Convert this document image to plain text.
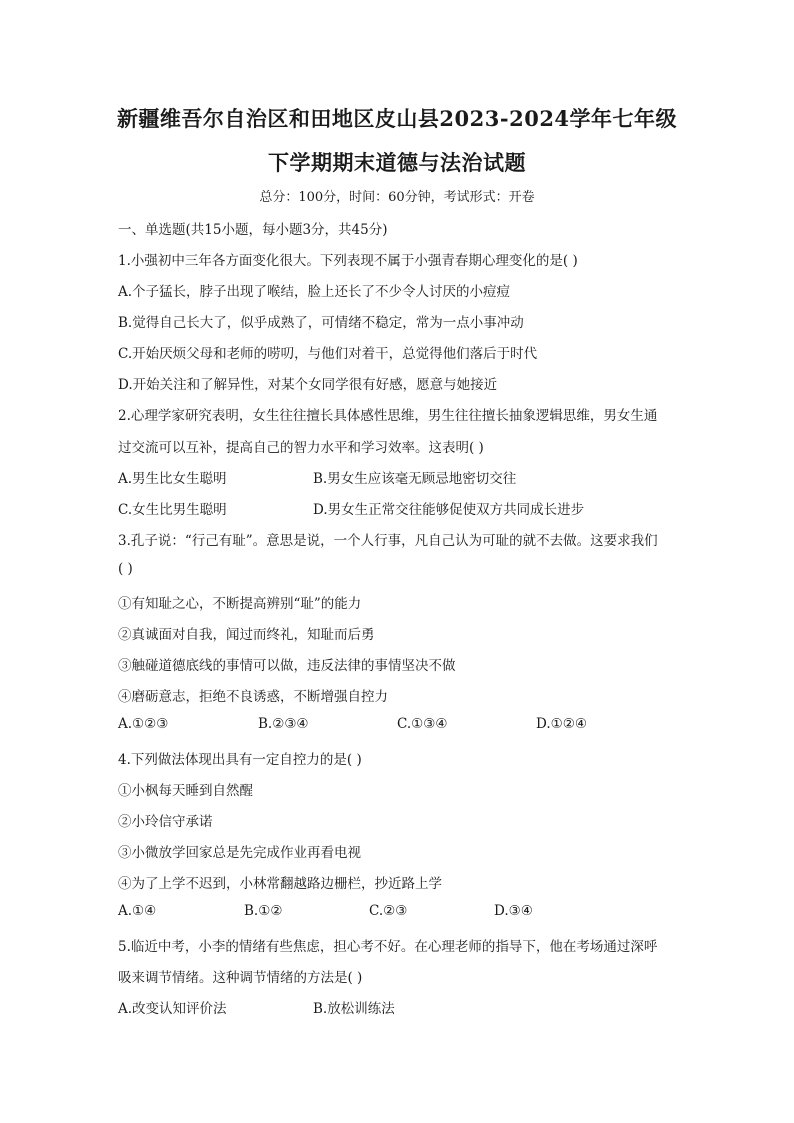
新疆维吾尔自治区和田地区皮山县2023-2024学年七年级
下学期期末道德与法治试题
总分：100分，时间：60分钟，考试形式：开卷
一、单选题(共15小题，每小题3分，共45分)
1.小强初中三年各方面变化很大。下列表现不属于小强青春期心理变化的是( )
A.个子猛长，脖子出现了喉结，脸上还长了不少令人讨厌的小痘痘
B.觉得自己长大了，似乎成熟了，可情绪不稳定，常为一点小事冲动
C.开始厌烦父母和老师的唠叨，与他们对着干，总觉得他们落后于时代
D.开始关注和了解异性，对某个女同学很有好感，愿意与她接近
2.心理学家研究表明，女生往往擅长具体感性思维，男生往往擅长抽象逻辑思维，男女生通
过交流可以互补，提高自己的智力水平和学习效率。这表明( )
A.男生比女生聪明	B.男女生应该毫无顾忌地密切交往
C.女生比男生聪明	D.男女生正常交往能够促使双方共同成长进步
3.孔子说：“行己有耻”。意思是说，一个人行事，凡自己认为可耻的就不去做。这要求我们
( )
①有知耻之心，不断提高辨别“耻”的能力
②真诚面对自我，闻过而终礼，知耻而后勇
③触碰道德底线的事情可以做，违反法律的事情坚决不做
④磨砺意志，拒绝不良诱惑，不断增强自控力
A.①②③	B.②③④	C.①③④	D.①②④
4.下列做法体现出具有一定自控力的是( )
①小枫每天睡到自然醒
②小玲信守承诺
③小微放学回家总是先完成作业再看电视
④为了上学不迟到，小林常翻越路边栅栏，抄近路上学
A.①④	B.①②	C.②③	D.③④
5.临近中考，小李的情绪有些焦虑，担心考不好。在心理老师的指导下，他在考场通过深呼
吸来调节情绪。这种调节情绪的方法是( )
A.改变认知评价法	B.放松训练法
